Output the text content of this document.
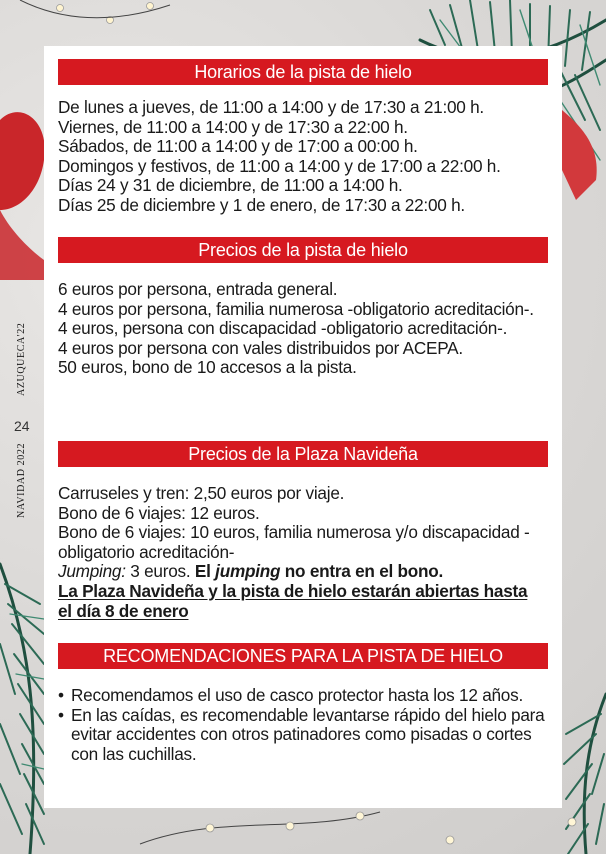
AZUQUECA'22
NAVIDAD 2022
24
Horarios de la pista de hielo

De lunes a jueves, de 11:00 a 14:00 y de 17:30 a 21:00 h.

Viernes, de 11:00 a 14:00 y de 17:30 a 22:00 h.

Sábados, de 11:00 a 14:00 y de 17:00 a 00:00 h.

Domingos y festivos, de 11:00 a 14:00 y de 17:00 a 22:00 h.

Días 24 y 31 de diciembre, de 11:00 a 14:00 h.

Días 25 de diciembre y 1 de enero, de 17:30 a 22:00 h.

Precios de la pista de hielo

6 euros por persona, entrada general.

4 euros por persona, familia numerosa -obligatorio acreditación-.

4 euros, persona con discapacidad -obligatorio acreditación-.

4 euros por persona con vales distribuidos por ACEPA.

50 euros, bono de 10 accesos a la pista.

Precios de la Plaza Navideña

Carruseles y tren: 2,50 euros por viaje.

Bono de 6 viajes: 12 euros.

Bono de 6 viajes: 10 euros, familia numerosa y/o discapacidad -obligatorio acreditación-

Jumping: 3 euros. El jumping no entra en el bono.

La Plaza Navideña y la pista de hielo estarán abiertas hasta el día 8 de enero

RECOMENDACIONES PARA LA PISTA DE HIELO
• Recomendamos el uso de casco protector hasta los 12 años.
• En las caídas, es recomendable levantarse rápido del hielo para evitar accidentes con otros patinadores como pisadas o cortes con las cuchillas.
